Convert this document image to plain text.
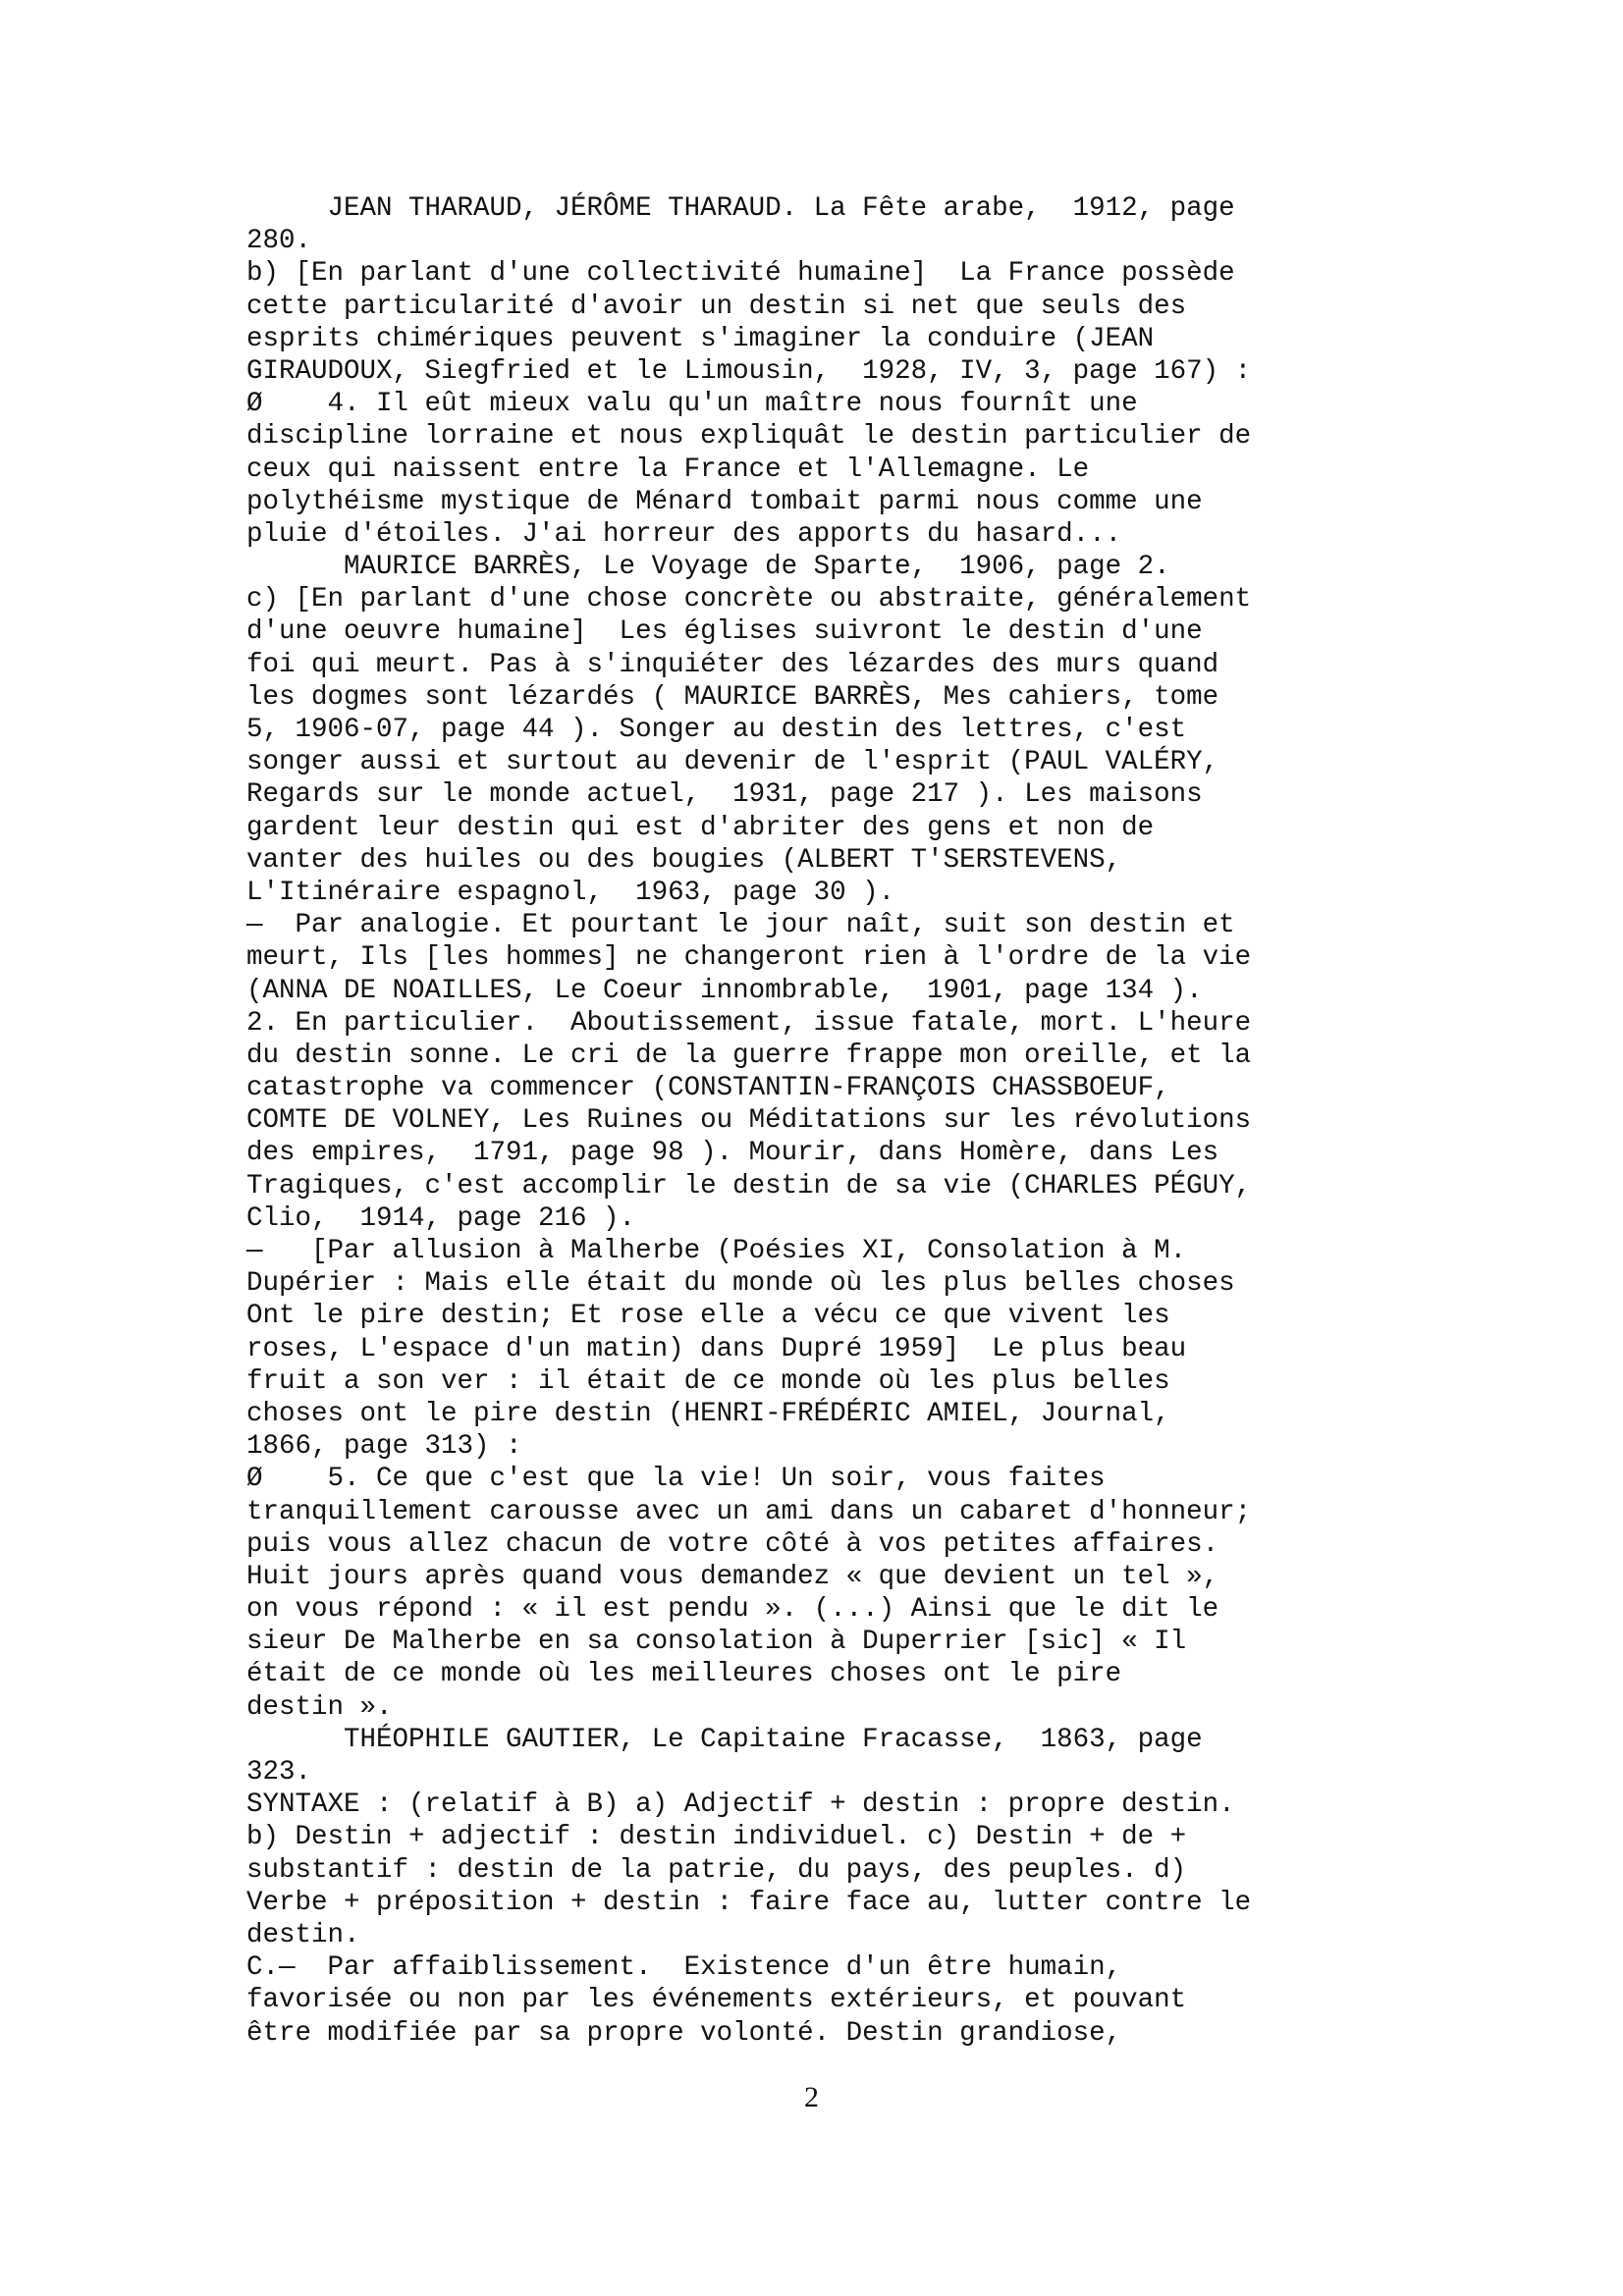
JEAN THARAUD, JÉRÔME THARAUD. La Fête arabe,  1912, page
280.
b) [En parlant d'une collectivité humaine]  La France possède
cette particularité d'avoir un destin si net que seuls des
esprits chimériques peuvent s'imaginer la conduire (JEAN
GIRAUDOUX, Siegfried et le Limousin,  1928, IV, 3, page 167) :
Ø    4. Il eût mieux valu qu'un maître nous fournît une
discipline lorraine et nous expliquât le destin particulier de
ceux qui naissent entre la France et l'Allemagne. Le
polythéisme mystique de Ménard tombait parmi nous comme une
pluie d'étoiles. J'ai horreur des apports du hasard...
MAURICE BARRÈS, Le Voyage de Sparte,  1906, page 2.
c) [En parlant d'une chose concrète ou abstraite, généralement
d'une oeuvre humaine]  Les églises suivront le destin d'une
foi qui meurt. Pas à s'inquiéter des lézardes des murs quand
les dogmes sont lézardés ( MAURICE BARRÈS, Mes cahiers, tome
5, 1906-07, page 44 ). Songer au destin des lettres, c'est
songer aussi et surtout au devenir de l'esprit (PAUL VALÉRY,
Regards sur le monde actuel,  1931, page 217 ). Les maisons
gardent leur destin qui est d'abriter des gens et non de
vanter des huiles ou des bougies (ALBERT T'SERSTEVENS,
L'Itinéraire espagnol,  1963, page 30 ).
—  Par analogie. Et pourtant le jour naît, suit son destin et
meurt, Ils [les hommes] ne changeront rien à l'ordre de la vie
(ANNA DE NOAILLES, Le Coeur innombrable,  1901, page 134 ).
2. En particulier.  Aboutissement, issue fatale, mort. L'heure
du destin sonne. Le cri de la guerre frappe mon oreille, et la
catastrophe va commencer (CONSTANTIN-FRANÇOIS CHASSBOEUF,
COMTE DE VOLNEY, Les Ruines ou Méditations sur les révolutions
des empires,  1791, page 98 ). Mourir, dans Homère, dans Les
Tragiques, c'est accomplir le destin de sa vie (CHARLES PÉGUY,
Clio,  1914, page 216 ).
—   [Par allusion à Malherbe (Poésies XI, Consolation à M.
Dupérier : Mais elle était du monde où les plus belles choses
Ont le pire destin; Et rose elle a vécu ce que vivent les
roses, L'espace d'un matin) dans Dupré 1959]  Le plus beau
fruit a son ver : il était de ce monde où les plus belles
choses ont le pire destin (HENRI-FRÉDÉRIC AMIEL, Journal,
1866, page 313) :
Ø    5. Ce que c'est que la vie! Un soir, vous faites
tranquillement carousse avec un ami dans un cabaret d'honneur;
puis vous allez chacun de votre côté à vos petites affaires.
Huit jours après quand vous demandez « que devient un tel »,
on vous répond : « il est pendu ». (...) Ainsi que le dit le
sieur De Malherbe en sa consolation à Duperrier [sic] « Il
était de ce monde où les meilleures choses ont le pire
destin ».
THÉOPHILE GAUTIER, Le Capitaine Fracasse,  1863, page
323.
SYNTAXE : (relatif à B) a) Adjectif + destin : propre destin.
b) Destin + adjectif : destin individuel. c) Destin + de +
substantif : destin de la patrie, du pays, des peuples. d)
Verbe + préposition + destin : faire face au, lutter contre le
destin.
C.—  Par affaiblissement.  Existence d'un être humain,
favorisée ou non par les événements extérieurs, et pouvant
être modifiée par sa propre volonté. Destin grandiose,
2
